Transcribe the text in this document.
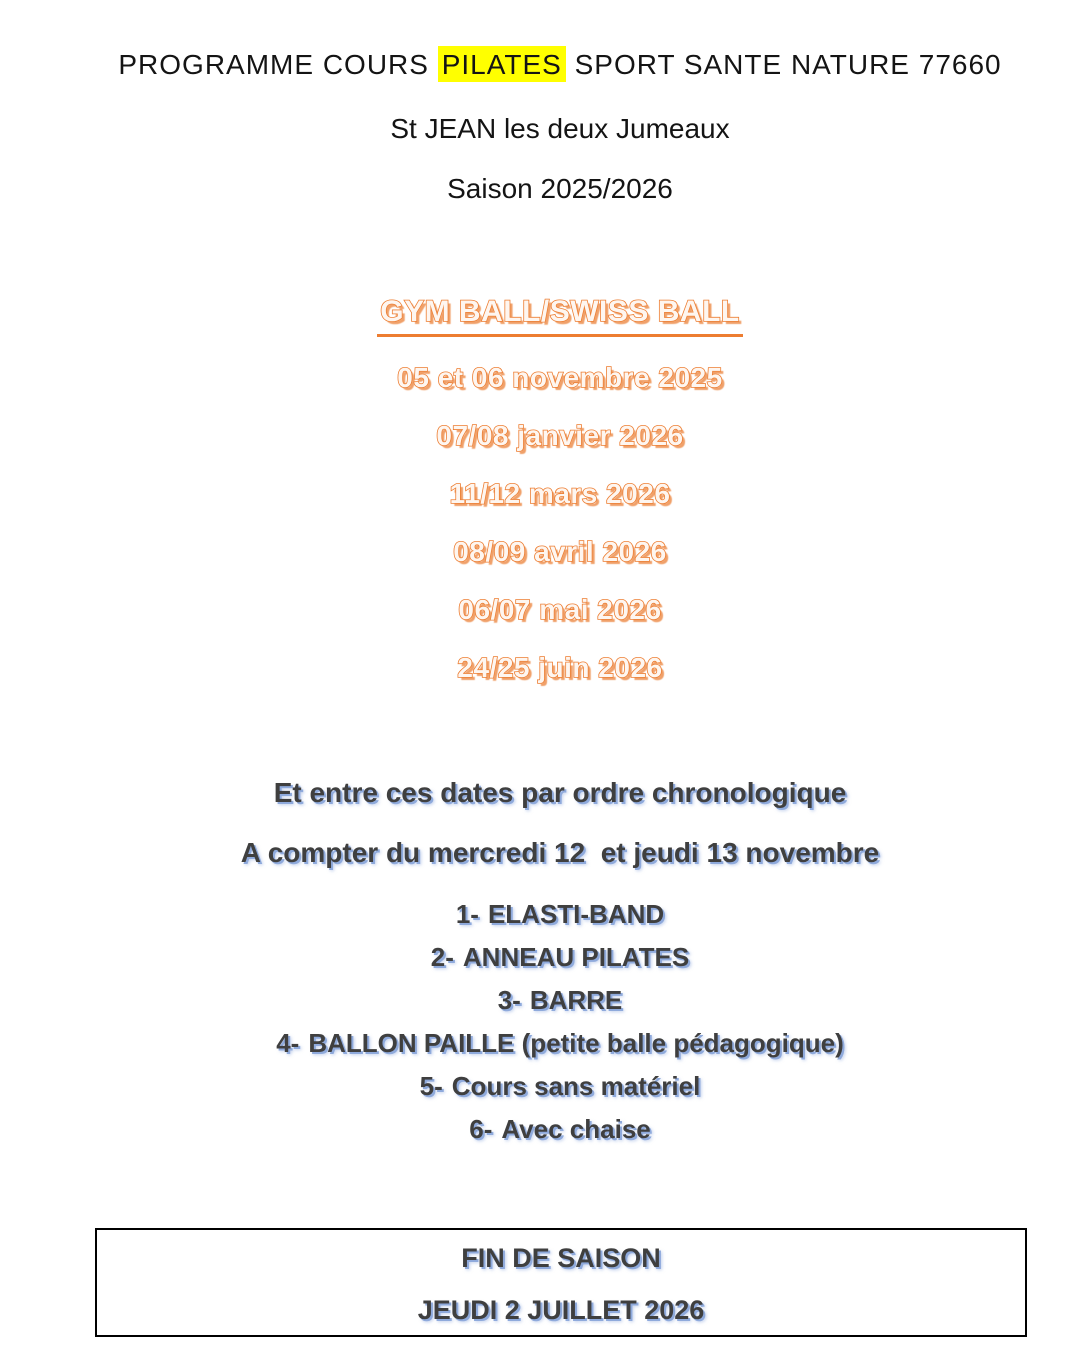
PROGRAMME COURS PILATES SPORT SANTE NATURE 77660

St JEAN les deux Jumeaux

Saison 2025/2026

GYM BALL/SWISS BALL

05 et 06 novembre 2025

07/08 janvier 2026

11/12 mars 2026

08/09 avril 2026

06/07 mai 2026

24/25 juin 2026

Et entre ces dates par ordre chronologique

A compter du mercredi 12  et jeudi 13 novembre

1- ELASTI-BAND

2- ANNEAU PILATES

3- BARRE

4- BALLON PAILLE (petite balle pédagogique)

5- Cours sans matériel

6- Avec chaise

FIN DE SAISON

JEUDI 2 JUILLET 2026
